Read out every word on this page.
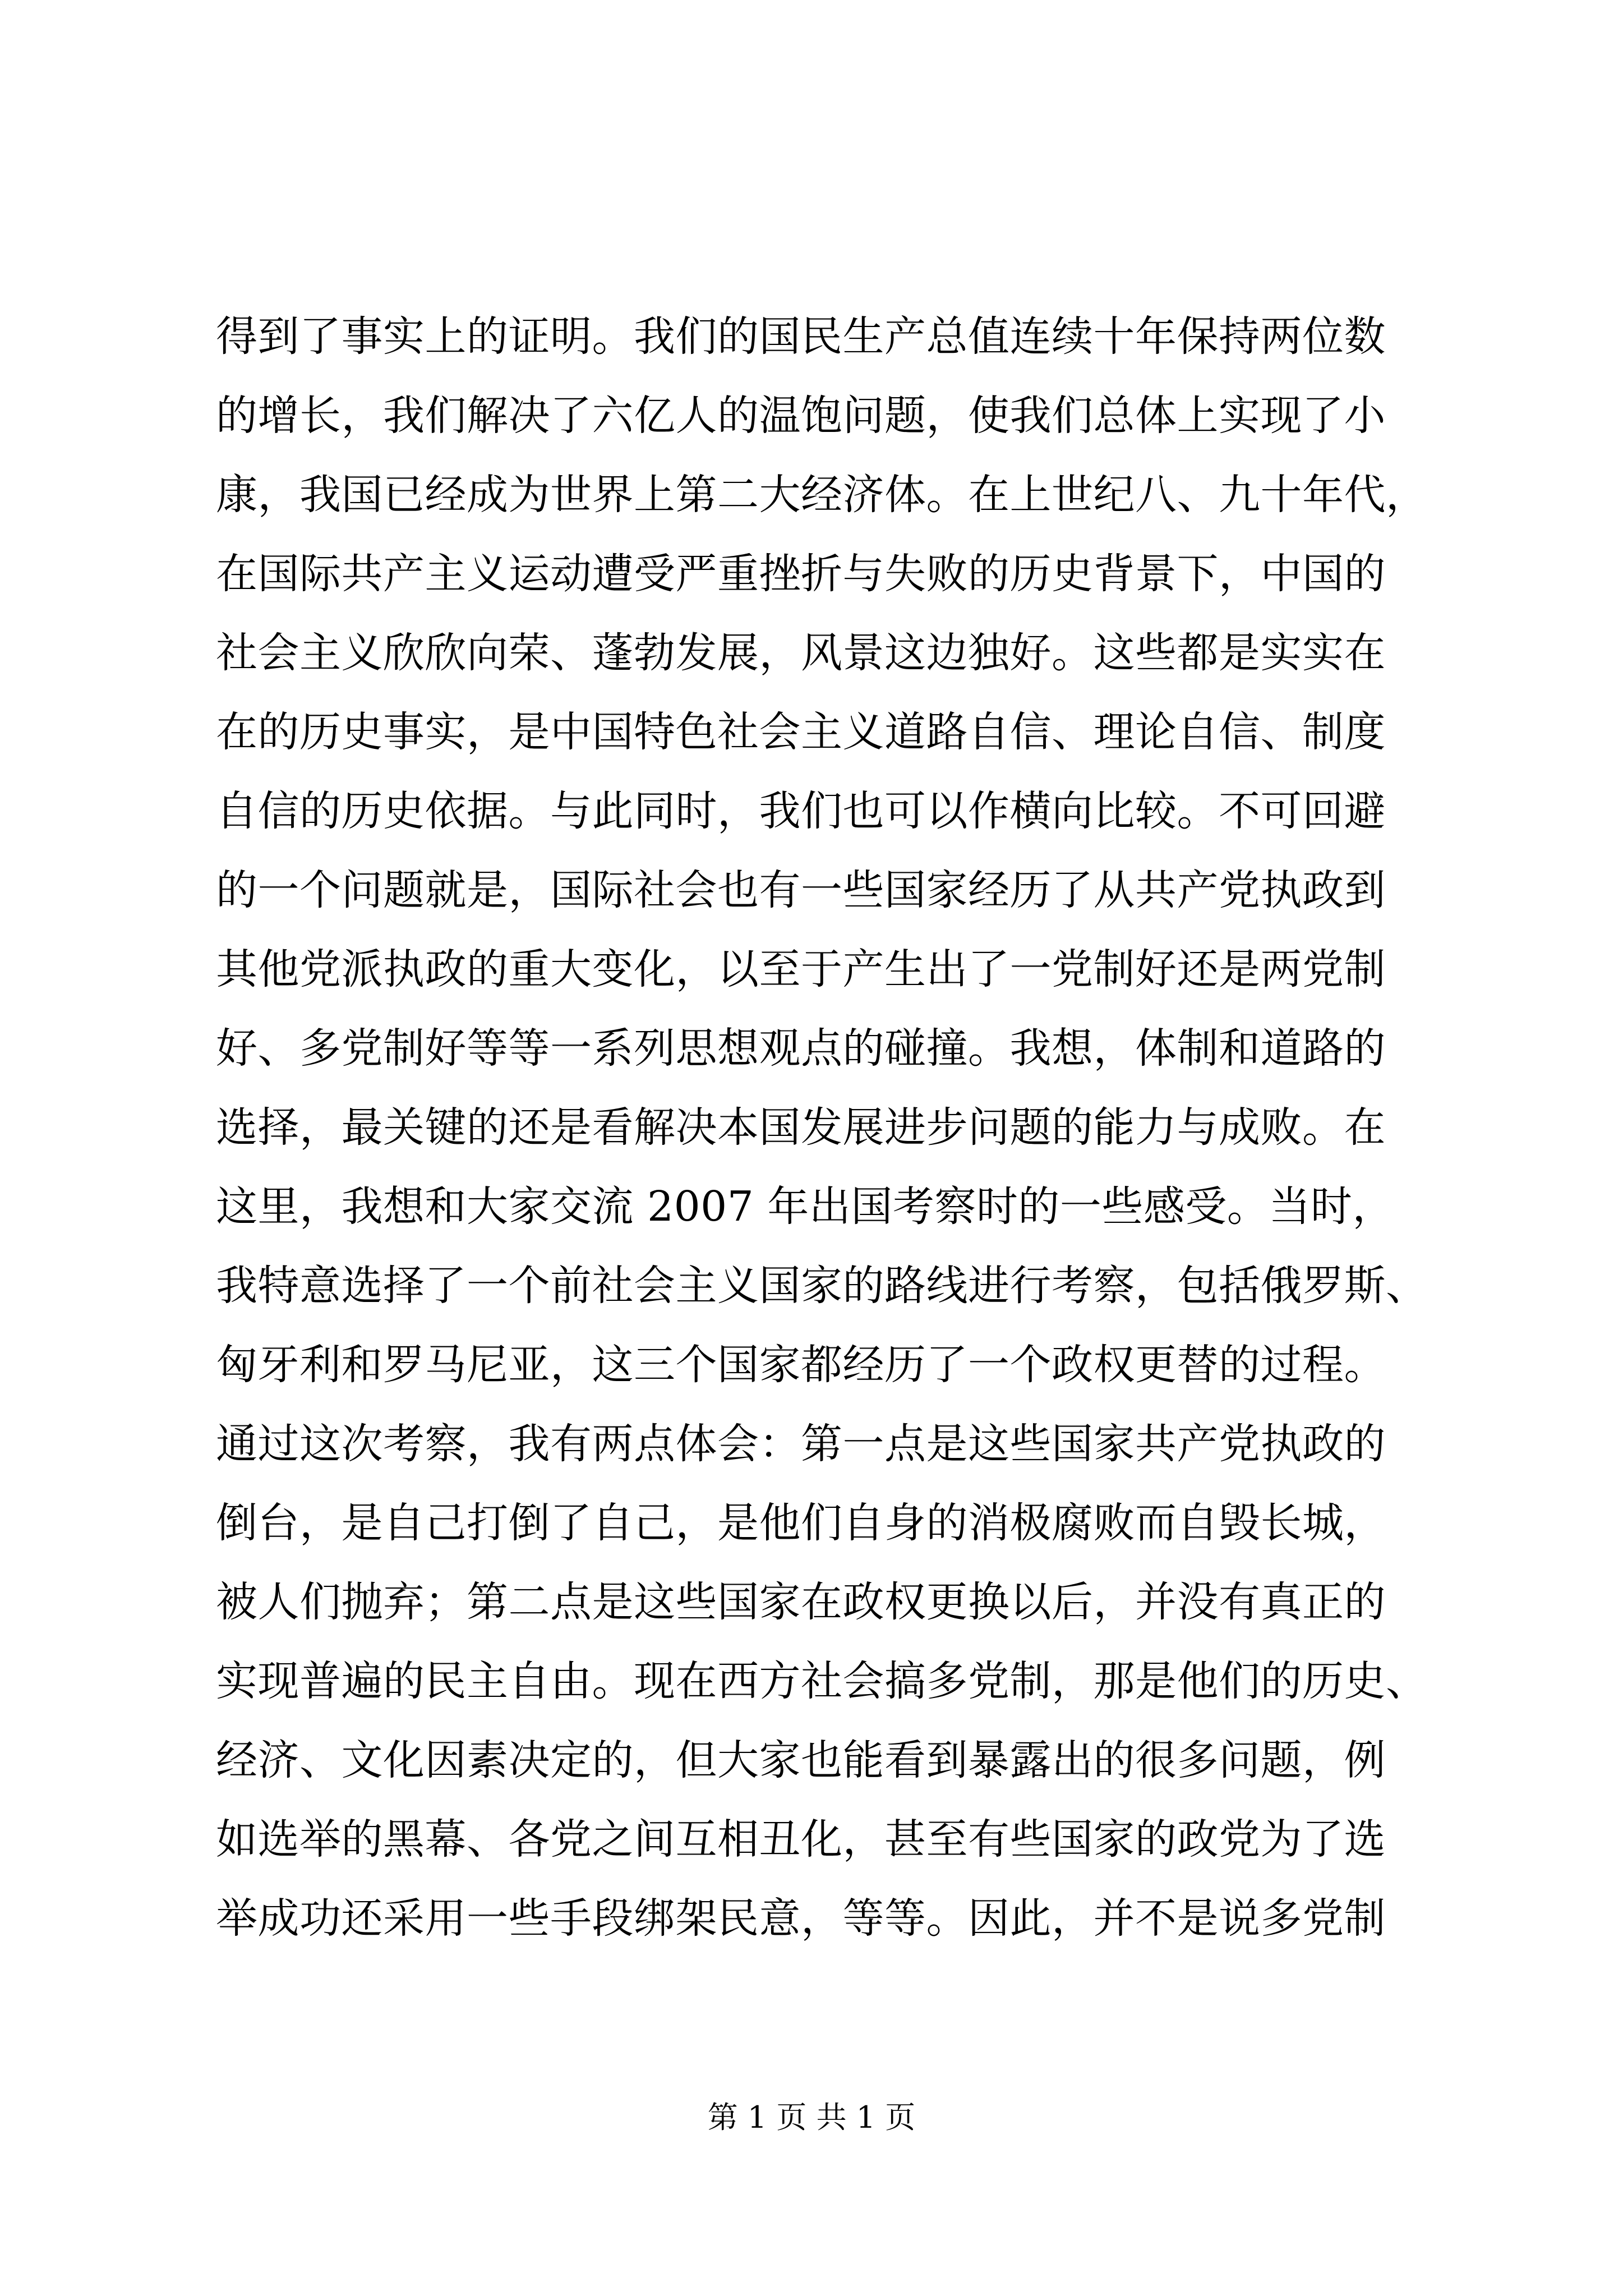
得到了事实上的证明。我们的国民生产总值连续十年保持两位数
的增长，我们解决了六亿人的温饱问题，使我们总体上实现了小
康，我国已经成为世界上第二大经济体。在上世纪八、九十年代，
在国际共产主义运动遭受严重挫折与失败的历史背景下，中国的
社会主义欣欣向荣、蓬勃发展，风景这边独好。这些都是实实在
在的历史事实，是中国特色社会主义道路自信、理论自信、制度
自信的历史依据。与此同时，我们也可以作横向比较。不可回避
的一个问题就是，国际社会也有一些国家经历了从共产党执政到
其他党派执政的重大变化，以至于产生出了一党制好还是两党制
好、多党制好等等一系列思想观点的碰撞。我想，体制和道路的
选择，最关键的还是看解决本国发展进步问题的能力与成败。在
这里，我想和大家交流 2007 年出国考察时的一些感受。当时，
我特意选择了一个前社会主义国家的路线进行考察，包括俄罗斯、
匈牙利和罗马尼亚，这三个国家都经历了一个政权更替的过程。
通过这次考察，我有两点体会：第一点是这些国家共产党执政的
倒台，是自己打倒了自己，是他们自身的消极腐败而自毁长城，
被人们抛弃；第二点是这些国家在政权更换以后，并没有真正的
实现普遍的民主自由。现在西方社会搞多党制，那是他们的历史、
经济、文化因素决定的，但大家也能看到暴露出的很多问题，例
如选举的黑幕、各党之间互相丑化，甚至有些国家的政党为了选
举成功还采用一些手段绑架民意，等等。因此，并不是说多党制
第 1 页 共 1 页
